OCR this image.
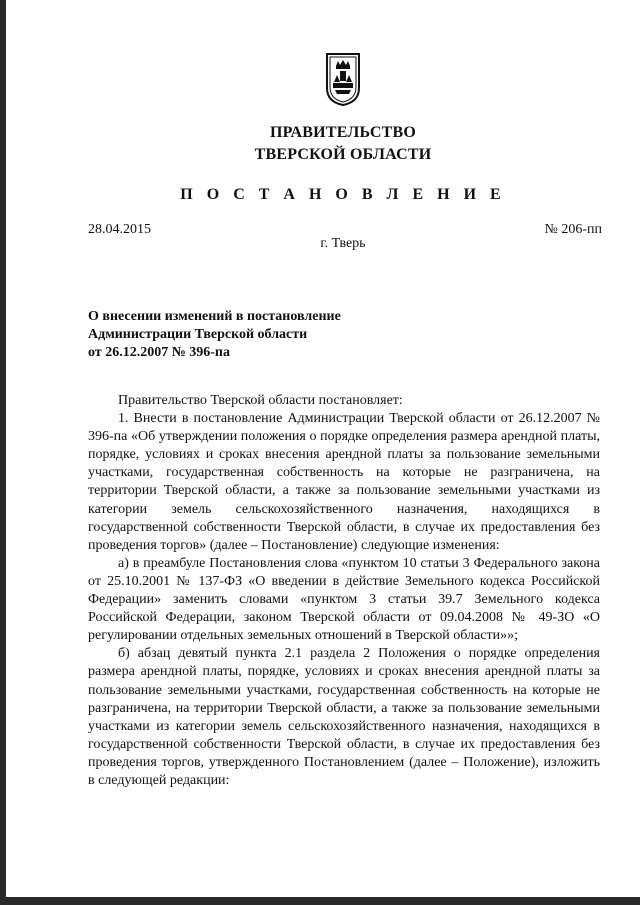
ПРАВИТЕЛЬСТВО
ТВЕРСКОЙ ОБЛАСТИ
П О С Т А Н О В Л Е Н И Е
28.04.2015	№ 206-пп
г. Тверь
О внесении изменений в постановление
Администрации Тверской области
от 26.12.2007 № 396-па

Правительство Тверской области постановляет:

1. Внести в постановление Администрации Тверской области от 26.12.2007 № 396-па «Об утверждении положения о порядке определения размера арендной платы, порядке, условиях и сроках внесения арендной платы за пользование земельными участками, государственная собственность на которые не разграничена, на территории Тверской области, а также за пользование земельными участками из категории земель сельскохозяйственного назначения, находящихся в государственной собственности Тверской области, в случае их предоставления без проведения торгов» (далее – Постановление) следующие изменения:

а) в преамбуле Постановления слова «пунктом 10 статьи 3 Федерального закона от 25.10.2001 № 137-ФЗ «О введении в действие Земельного кодекса Российской Федерации» заменить словами «пунктом 3 статьи 39.7 Земельного кодекса Российской Федерации, законом Тверской области от 09.04.2008 № 49-ЗО «О регулировании отдельных земельных отношений в Тверской области»»;

б) абзац девятый пункта 2.1 раздела 2 Положения о порядке определения размера арендной платы, порядке, условиях и сроках внесения арендной платы за пользование земельными участками, государственная собственность на которые не разграничена, на территории Тверской области, а также за пользование земельными участками из категории земель сельскохозяйственного назначения, находящихся в государственной собственности Тверской области, в случае их предоставления без проведения торгов, утвержденного Постановлением (далее – Положение), изложить в следующей редакции:
